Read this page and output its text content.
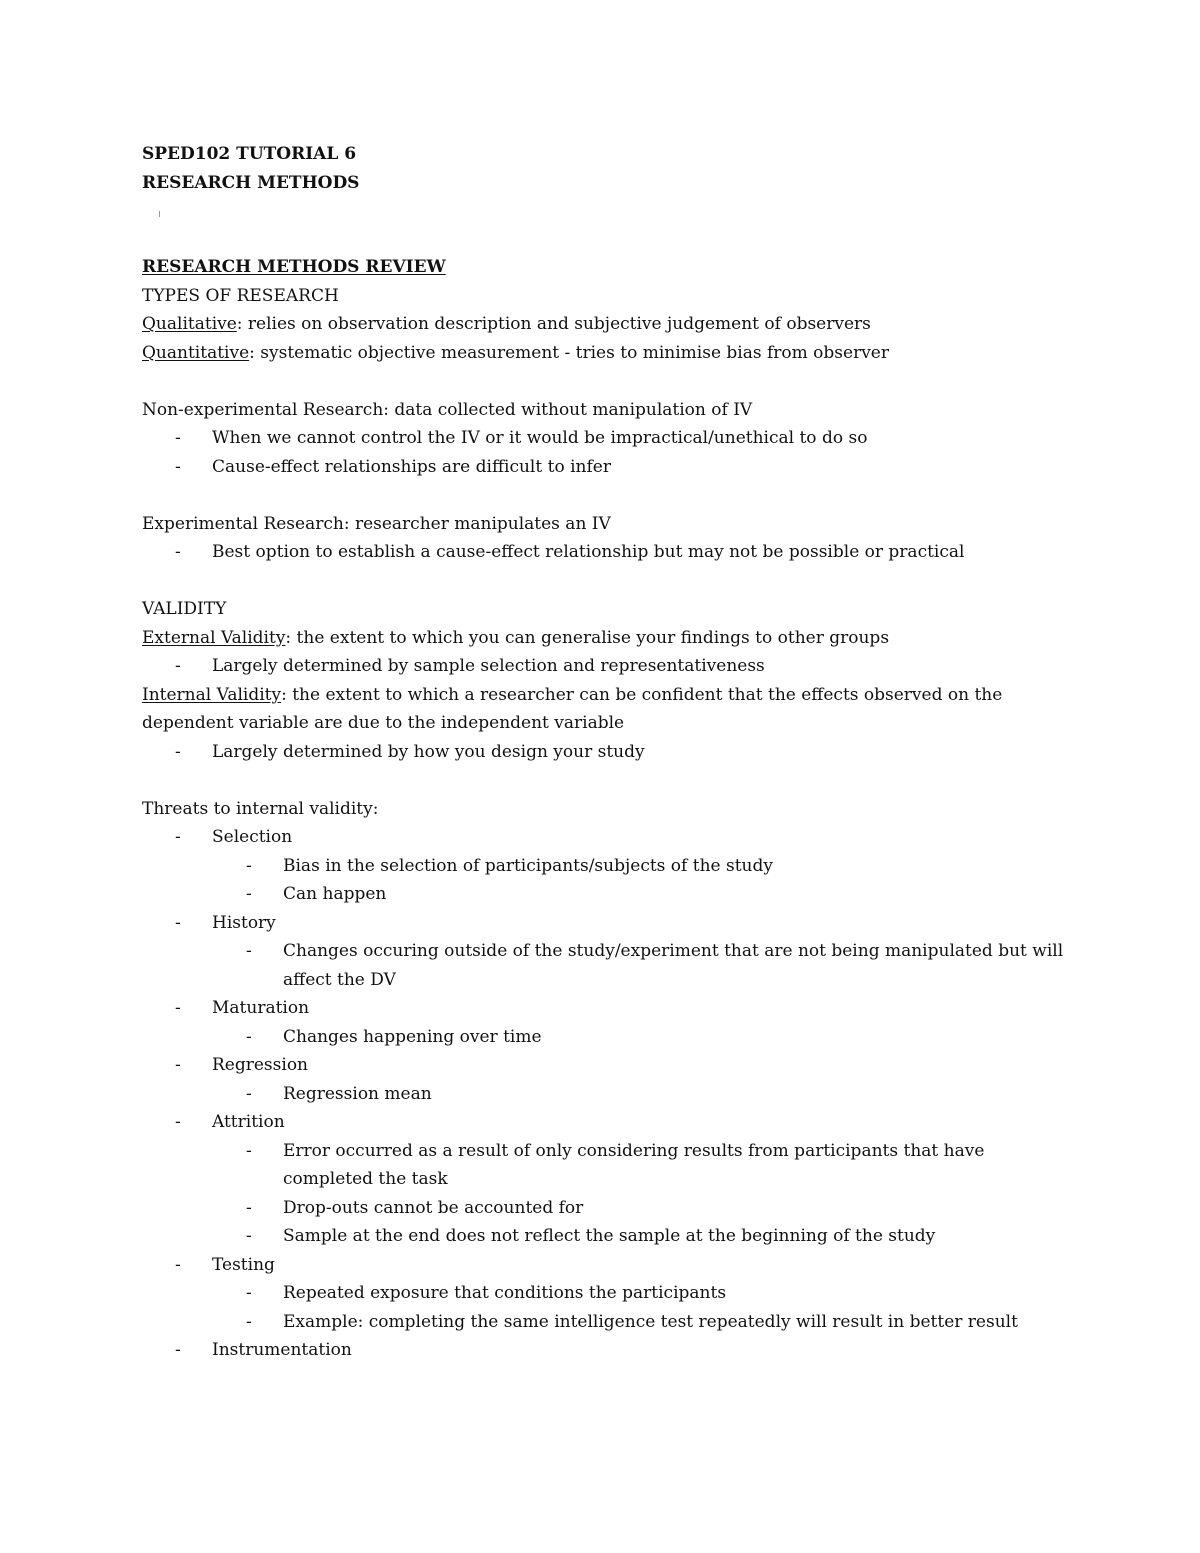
SPED102 TUTORIAL 6
RESEARCH METHODS
RESEARCH METHODS REVIEW
TYPES OF RESEARCH
Qualitative: relies on observation description and subjective judgement of observers
Quantitative: systematic objective measurement - tries to minimise bias from observer
Non-experimental Research: data collected without manipulation of IV
- When we cannot control the IV or it would be impractical/unethical to do so
- Cause-effect relationships are difficult to infer
Experimental Research: researcher manipulates an IV
- Best option to establish a cause-effect relationship but may not be possible or practical
VALIDITY
External Validity: the extent to which you can generalise your findings to other groups
- Largely determined by sample selection and representativeness
Internal Validity: the extent to which a researcher can be confident that the effects observed on the
dependent variable are due to the independent variable
- Largely determined by how you design your study
Threats to internal validity:
- Selection
- Bias in the selection of participants/subjects of the study
- Can happen
- History
- Changes occuring outside of the study/experiment that are not being manipulated but will
affect the DV
- Maturation
- Changes happening over time
- Regression
- Regression mean
- Attrition
- Error occurred as a result of only considering results from participants that have
completed the task
- Drop-outs cannot be accounted for
- Sample at the end does not reflect the sample at the beginning of the study
- Testing
- Repeated exposure that conditions the participants
- Example: completing the same intelligence test repeatedly will result in better result
- Instrumentation
